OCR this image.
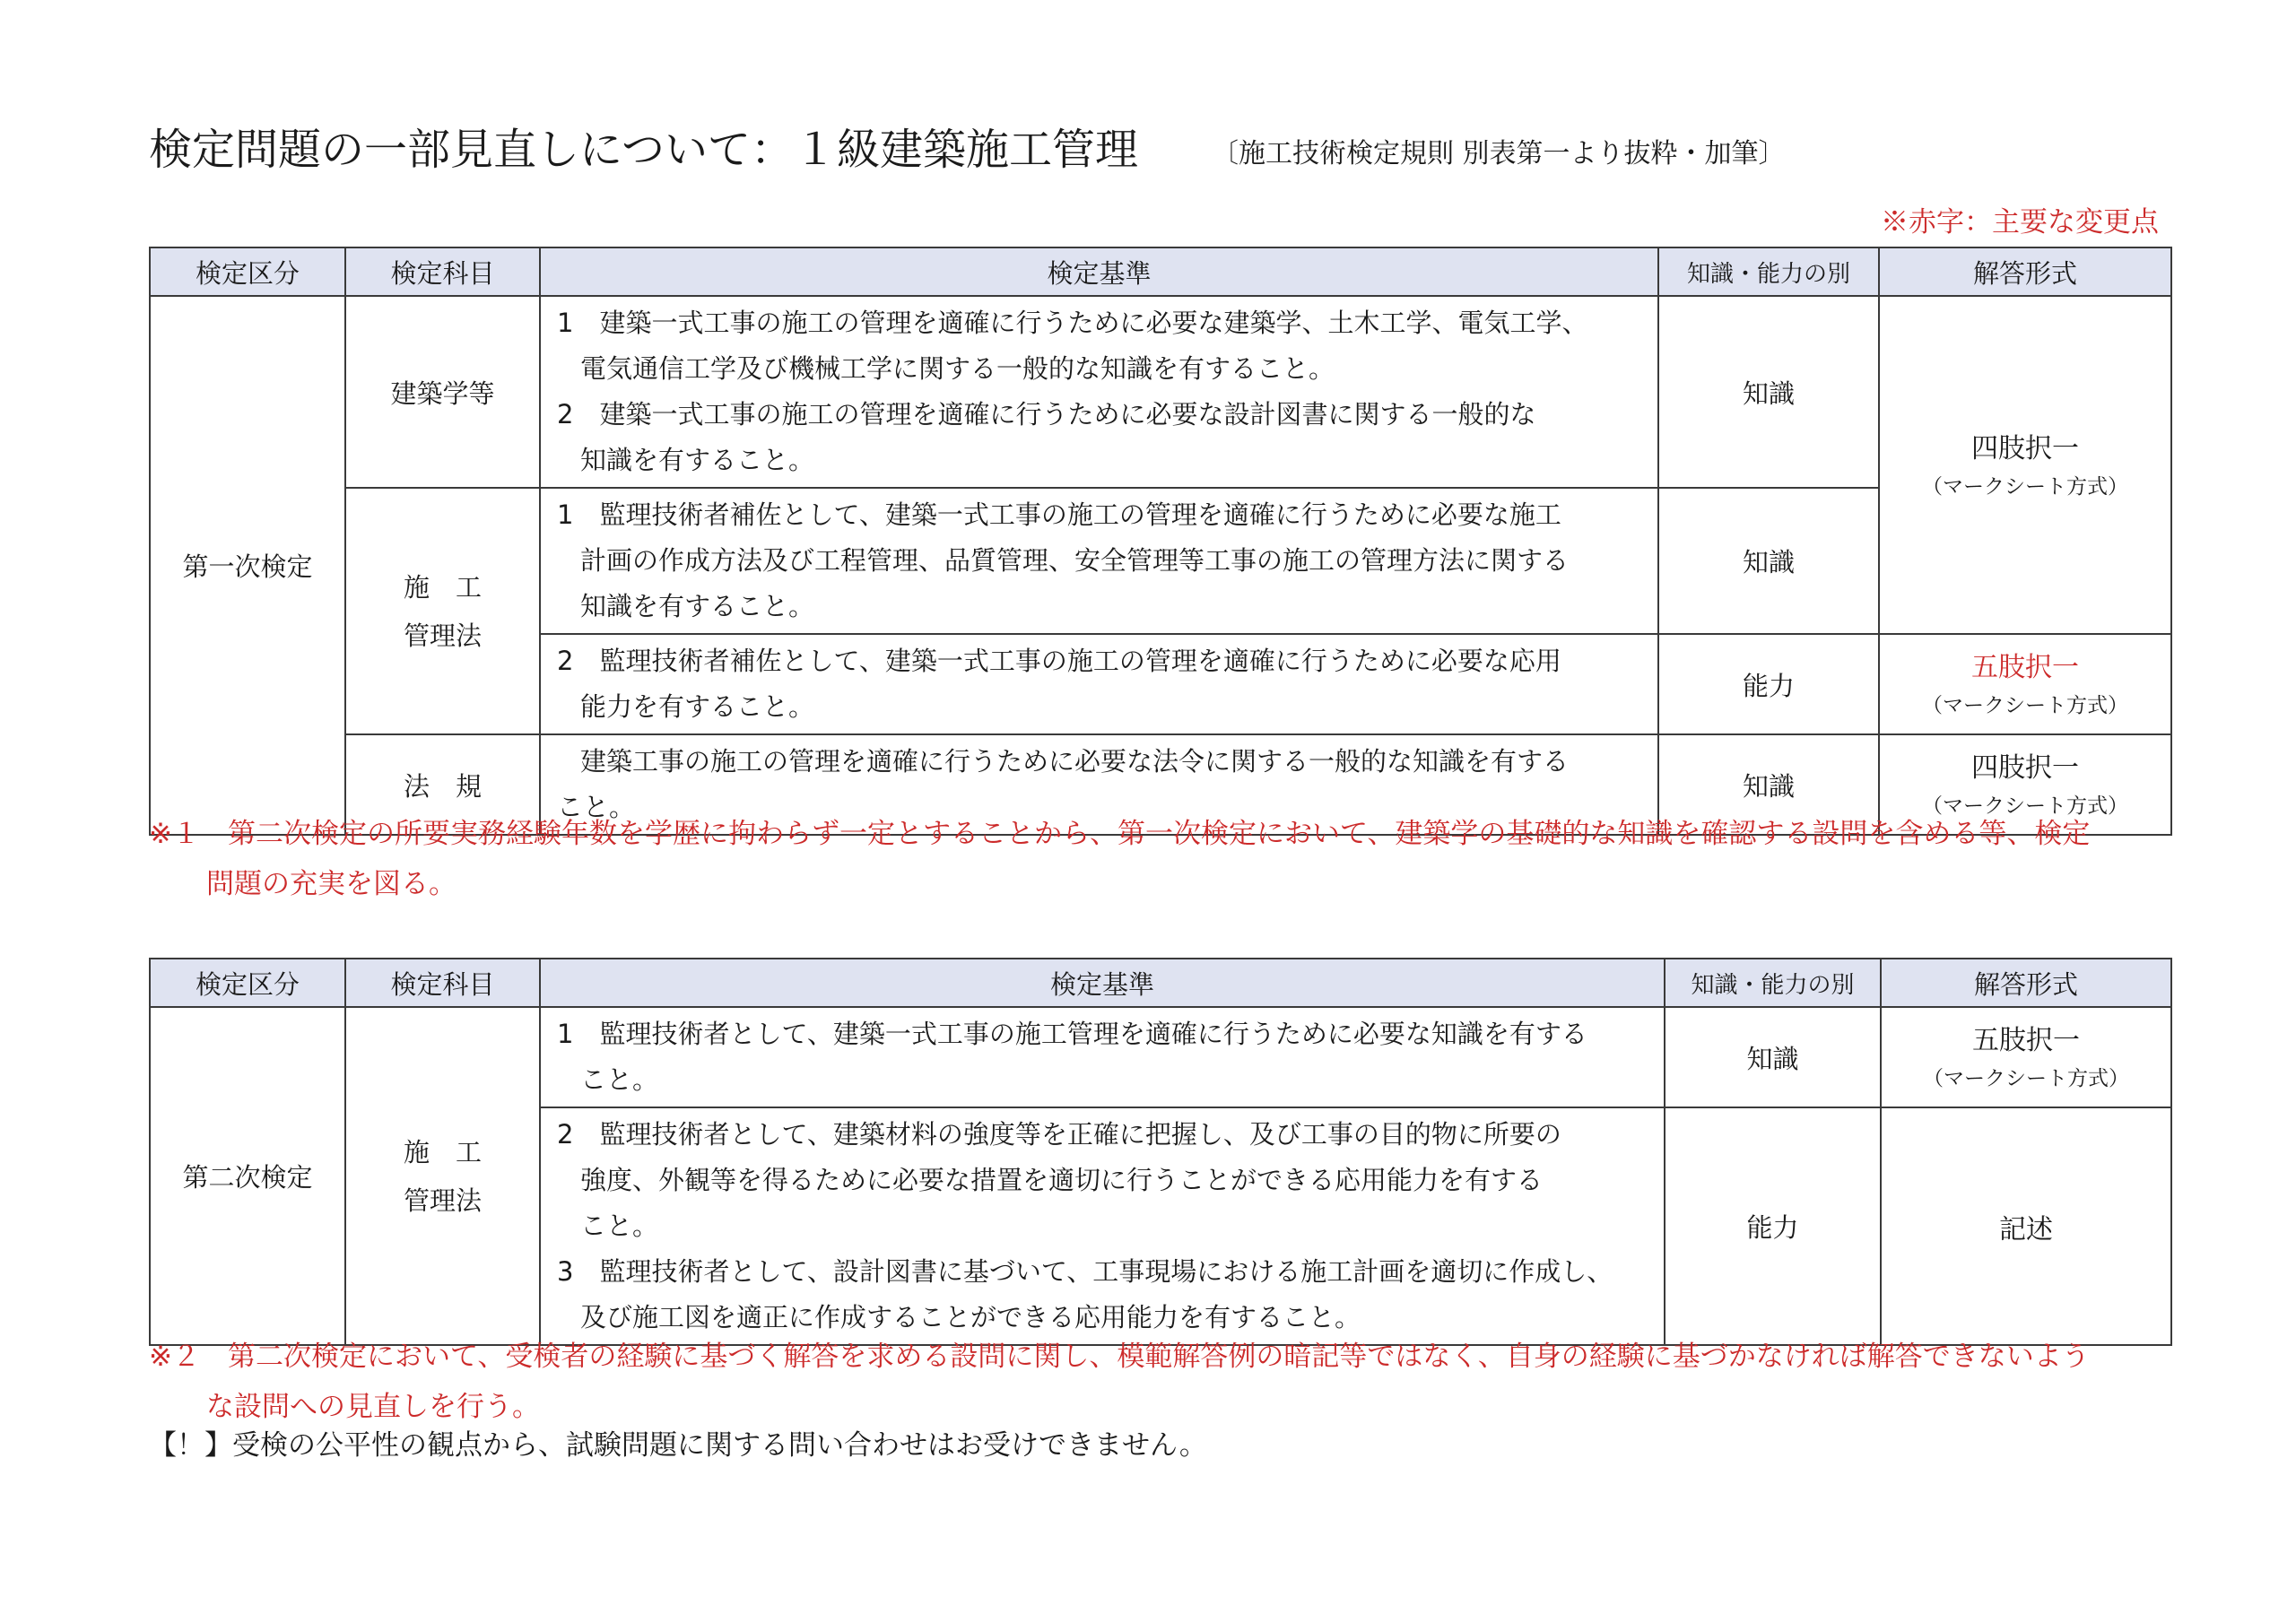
検定問題の一部見直しについて：１級建築施工管理	〔施工技術検定規則 別表第一より抜粋・加筆〕
※赤字：主要な変更点
検定区分	検定科目	検定基準	知識・能力の別	解答形式
第一次検定	建築学等	1　建築一式工事の施工の管理を適確に行うために必要な建築学、土木工学、電気工学、
電気通信工学及び機械工学に関する一般的な知識を有すること。
2　建築一式工事の施工の管理を適確に行うために必要な設計図書に関する一般的な
知識を有すること。	知識	四肢択一
（マークシート方式）

	施　工
管理法	1　監理技術者補佐として、建築一式工事の施工の管理を適確に行うために必要な施工
計画の作成方法及び工程管理、品質管理、安全管理等工事の施工の管理方法に関する
知識を有すること。	知識	

		2　監理技術者補佐として、建築一式工事の施工の管理を適確に行うために必要な応用
能力を有すること。	能力	五肢択一
（マークシート方式）

	法　規	建築工事の施工の管理を適確に行うために必要な法令に関する一般的な知識を有する
こと。	知識	四肢択一
（マークシート方式）
※１　第二次検定の所要実務経験年数を学歴に拘わらず一定とすることから、第一次検定において、建築学の基礎的な知識を確認する設問を含める等、検定
問題の充実を図る。
検定区分	検定科目	検定基準	知識・能力の別	解答形式
第二次検定	施　工
管理法	1　監理技術者として、建築一式工事の施工管理を適確に行うために必要な知識を有する
こと。	知識	五肢択一
（マークシート方式）

		2　監理技術者として、建築材料の強度等を正確に把握し、及び工事の目的物に所要の
強度、外観等を得るために必要な措置を適切に行うことができる応用能力を有する
こと。
3　監理技術者として、設計図書に基づいて、工事現場における施工計画を適切に作成し、
及び施工図を適正に作成することができる応用能力を有すること。	能力	記述
※２　第二次検定において、受検者の経験に基づく解答を求める設問に関し、模範解答例の暗記等ではなく、自身の経験に基づかなければ解答できないよう
な設問への見直しを行う。
【！】受検の公平性の観点から、試験問題に関する問い合わせはお受けできません。
